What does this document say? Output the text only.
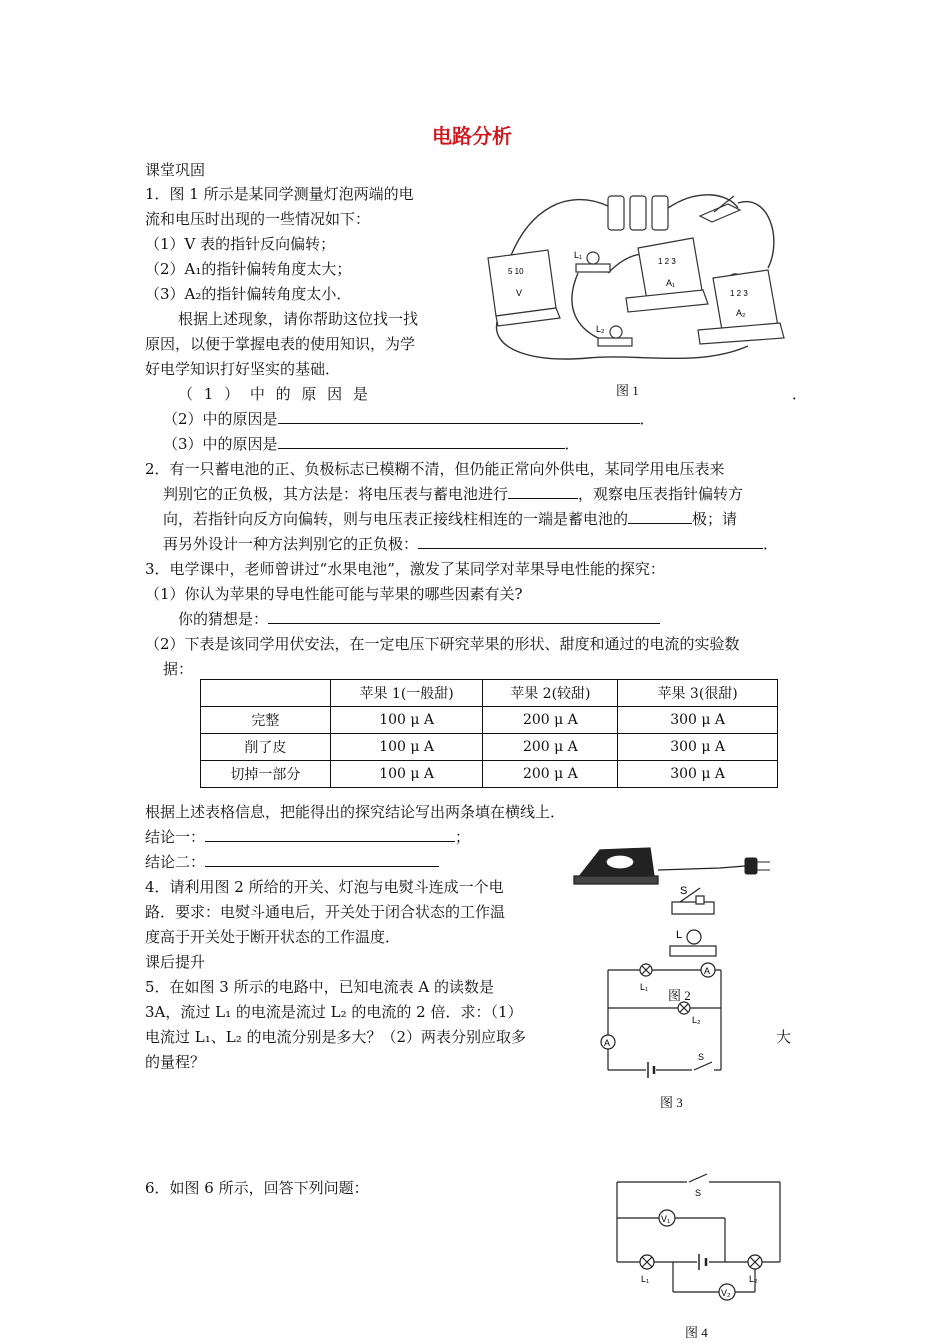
电路分析
课堂巩固
1．图 1 所示是某同学测量灯泡两端的电
流和电压时出现的一些情况如下：
（1）V 表的指针反向偏转；
（2）A₁的指针偏转角度太大；
（3）A₂的指针偏转角度太小．
根据上述现象，请你帮助这位找一找
原因，以便于掌握电表的使用知识，为学
好电学知识打好坚实的基础．
（ 1 ） 中 的 原 因 是	．
（2）中的原因是	．
（3）中的原因是	．
5 10
V
1 2 3
A₁
1 2 3
A₂
L₁
L₂
图 1
2．有一只蓄电池的正、负极标志已模糊不清，但仍能正常向外供电，某同学用电压表来
判别它的正负极，其方法是：将电压表与蓄电池进行	，观察电压表指针偏转方
向，若指针向反方向偏转，则与电压表正接线柱相连的一端是蓄电池的	极；请
再另外设计一种方法判别它的正负极：	．
3．电学课中，老师曾讲过“水果电池”，激发了某同学对苹果导电性能的探究：
（1）你认为苹果的导电性能可能与苹果的哪些因素有关?
你的猜想是：
（2）下表是该同学用伏安法，在一定电压下研究苹果的形状、甜度和通过的电流的实验数
据：
	苹果 1(一般甜)	苹果 2(较甜)	苹果 3(很甜)
完整	100 μ A	200 μ A	300 μ A
削了皮	100 μ A	200 μ A	300 μ A
切掉一部分	100 μ A	200 μ A	300 μ A
根据上述表格信息，把能得出的探究结论写出两条填在横线上．
结论一：	；
结论二：
4．请利用图 2 所给的开关、灯泡与电熨斗连成一个电
路．要求：电熨斗通电后，开关处于闭合状态的工作温
度高于开关处于断开状态的工作温度．
课后提升
S
L
5．在如图 3 所示的电路中，已知电流表 A 的读数是
3A，流过 L₁ 的电流是流过 L₂ 的电流的 2 倍．求：（1）
电流过 L₁、L₂ 的电流分别是多大？（2）两表分别应取多	大
的量程？
A
L₁
L₂
A
S
图 2
图 3
6．如图 6 所示，回答下列问题：	S
V₁
L₁	L₂
V₂
图 4
